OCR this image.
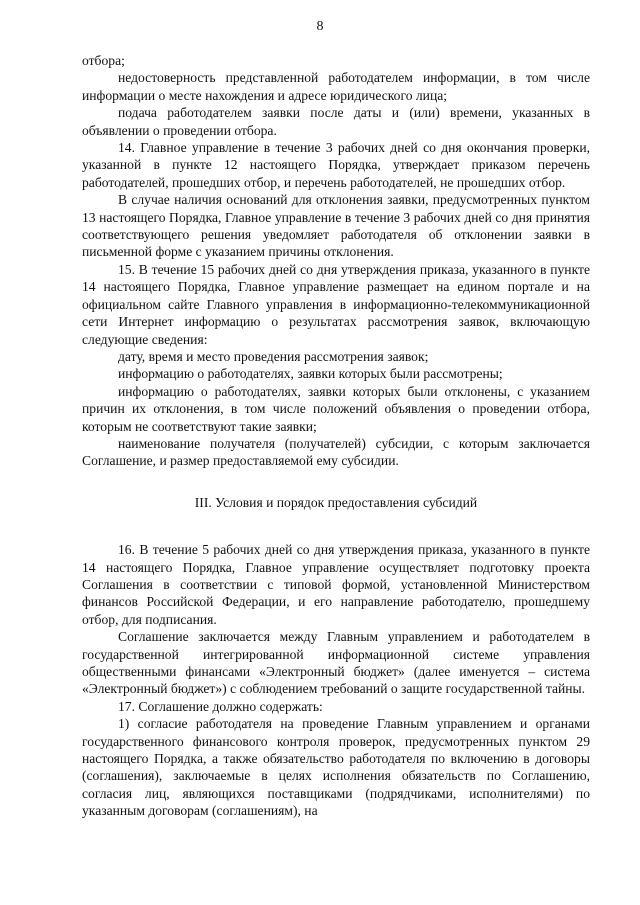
8

отбора;

недостоверность представленной работодателем информации, в том числе информации о месте нахождения и адресе юридического лица;

подача работодателем заявки после даты и (или) времени, указанных в объявлении о проведении отбора.

14. Главное управление в течение 3 рабочих дней со дня окончания проверки, указанной в пункте 12 настоящего Порядка, утверждает приказом перечень работодателей, прошедших отбор, и перечень работодателей, не прошедших отбор.

В случае наличия оснований для отклонения заявки, предусмотренных пунктом 13 настоящего Порядка, Главное управление в течение 3 рабочих дней со дня принятия соответствующего решения уведомляет работодателя об отклонении заявки в письменной форме с указанием причины отклонения.

15. В течение 15 рабочих дней со дня утверждения приказа, указанного в пункте 14 настоящего Порядка, Главное управление размещает на едином портале и на официальном сайте Главного управления в информационно-телекоммуникационной сети Интернет информацию о результатах рассмотрения заявок, включающую следующие сведения:

дату, время и место проведения рассмотрения заявок;

информацию о работодателях, заявки которых были рассмотрены;

информацию о работодателях, заявки которых были отклонены, с указанием причин их отклонения, в том числе положений объявления о проведении отбора, которым не соответствуют такие заявки;

наименование получателя (получателей) субсидии, с которым заключается Соглашение, и размер предоставляемой ему субсидии.

III. Условия и порядок предоставления субсидий

16. В течение 5 рабочих дней со дня утверждения приказа, указанного в пункте 14 настоящего Порядка, Главное управление осуществляет подготовку проекта Соглашения в соответствии с типовой формой, установленной Министерством финансов Российской Федерации, и его направление работодателю, прошедшему отбор, для подписания.

Соглашение заключается между Главным управлением и работодателем в государственной интегрированной информационной системе управления общественными финансами «Электронный бюджет» (далее именуется – система «Электронный бюджет») с соблюдением требований о защите государственной тайны.

17. Соглашение должно содержать:

1) согласие работодателя на проведение Главным управлением и органами государственного финансового контроля проверок, предусмотренных пунктом 29 настоящего Порядка, а также обязательство работодателя по включению в договоры (соглашения), заключаемые в целях исполнения обязательств по Соглашению, согласия лиц, являющихся поставщиками (подрядчиками, исполнителями) по указанным договорам (соглашениям), на
